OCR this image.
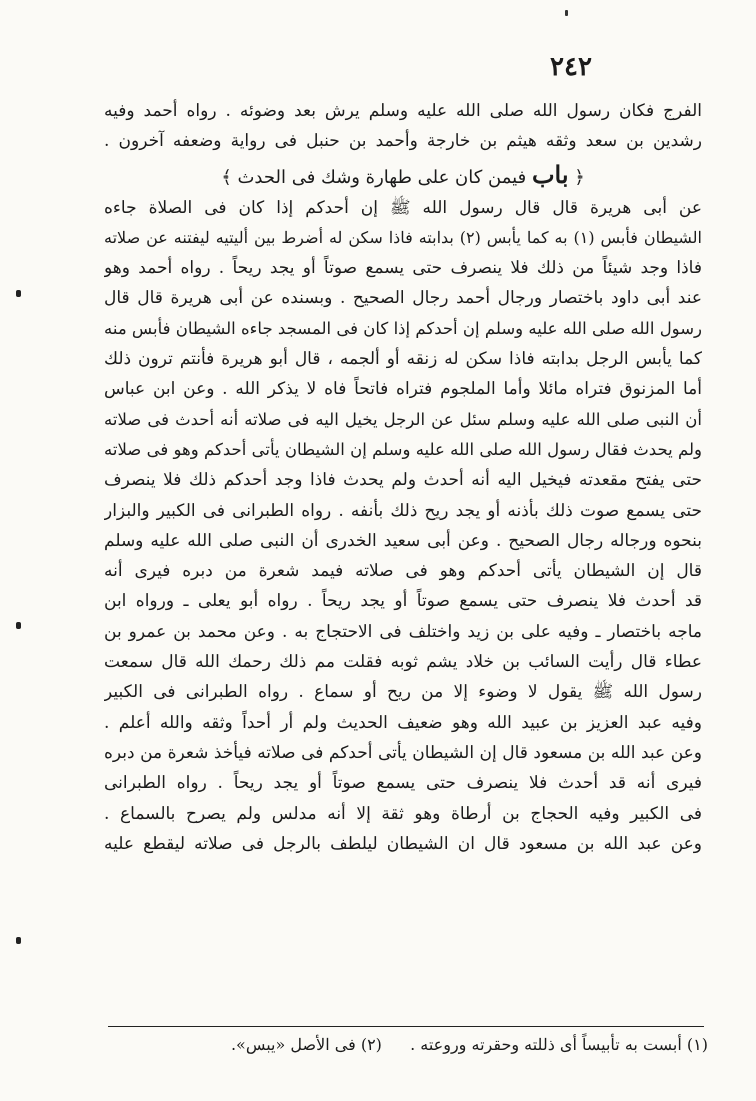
٢٤٢
الفرج فكان رسول الله صلى الله عليه وسلم يرش بعد وضوئه . رواه أحمد وفيه
رشدين بن سعد وثقه هيثم بن خارجة وأحمد بن حنبل فى رواية وضعفه آخرون .
﴿ باب فيمن كان على طهارة وشك فى الحدث ﴾
عن أبى هريرة قال قال رسول الله ﷺ إن أحدكم إذا كان فى الصلاة جاءه
الشيطان فأبس (١) به كما يأبس (٢) بدابته فاذا سكن له أضرط بين أليتيه ليفتنه عن صلاته
فاذا وجد شيئاً من ذلك فلا ينصرف حتى يسمع صوتاً أو يجد ريحاً . رواه أحمد وهو
عند أبى داود باختصار ورجال أحمد رجال الصحيح . وبسنده عن أبى هريرة قال قال
رسول الله صلى الله عليه وسلم إن أحدكم إذا كان فى المسجد جاءه الشيطان فأبس منه
كما يأبس الرجل بدابته فاذا سكن له زنقه أو ألجمه ، قال أبو هريرة فأنتم ترون ذلك
أما المزنوق فتراه مائلا وأما الملجوم فتراه فاتحاً فاه لا يذكر الله . وعن ابن عباس
أن النبى صلى الله عليه وسلم سئل عن الرجل يخيل اليه فى صلاته أنه أحدث فى صلاته
ولم يحدث فقال رسول الله صلى الله عليه وسلم إن الشيطان يأتى أحدكم وهو فى صلاته
حتى يفتح مقعدته فيخيل اليه أنه أحدث ولم يحدث فاذا وجد أحدكم ذلك فلا ينصرف
حتى يسمع صوت ذلك بأذنه أو يجد ريح ذلك بأنفه . رواه الطبرانى فى الكبير والبزار
بنحوه ورجاله رجال الصحيح . وعن أبى سعيد الخدرى أن النبى صلى الله عليه وسلم
قال إن الشيطان يأتى أحدكم وهو فى صلاته فيمد شعرة من دبره فيرى أنه
قد أحدث فلا ينصرف حتى يسمع صوتاً أو يجد ريحاً . رواه أبو يعلى ـ ورواه ابن
ماجه باختصار ـ وفيه على بن زيد واختلف فى الاحتجاج به . وعن محمد بن عمرو بن
عطاء قال رأيت السائب بن خلاد يشم ثوبه فقلت مم ذلك رحمك الله قال سمعت
رسول الله ﷺ يقول لا وضوء إلا من ريح أو سماع . رواه الطبرانى فى الكبير
وفيه عبد العزيز بن عبيد الله وهو ضعيف الحديث ولم أر أحداً وثقه والله أعلم .
وعن عبد الله بن مسعود قال إن الشيطان يأتى أحدكم فى صلاته فيأخذ شعرة من دبره
فيرى أنه قد أحدث فلا ينصرف حتى يسمع صوتاً أو يجد ريحاً . رواه الطبرانى
فى الكبير وفيه الحجاج بن أرطاة وهو ثقة إلا أنه مدلس ولم يصرح بالسماع .
وعن عبد الله بن مسعود قال ان الشيطان ليلطف بالرجل فى صلاته ليقطع عليه
(١) أبست به تأبيساً أى ذللته وحقرته وروعته .  (٢) فى الأصل «يبس».
